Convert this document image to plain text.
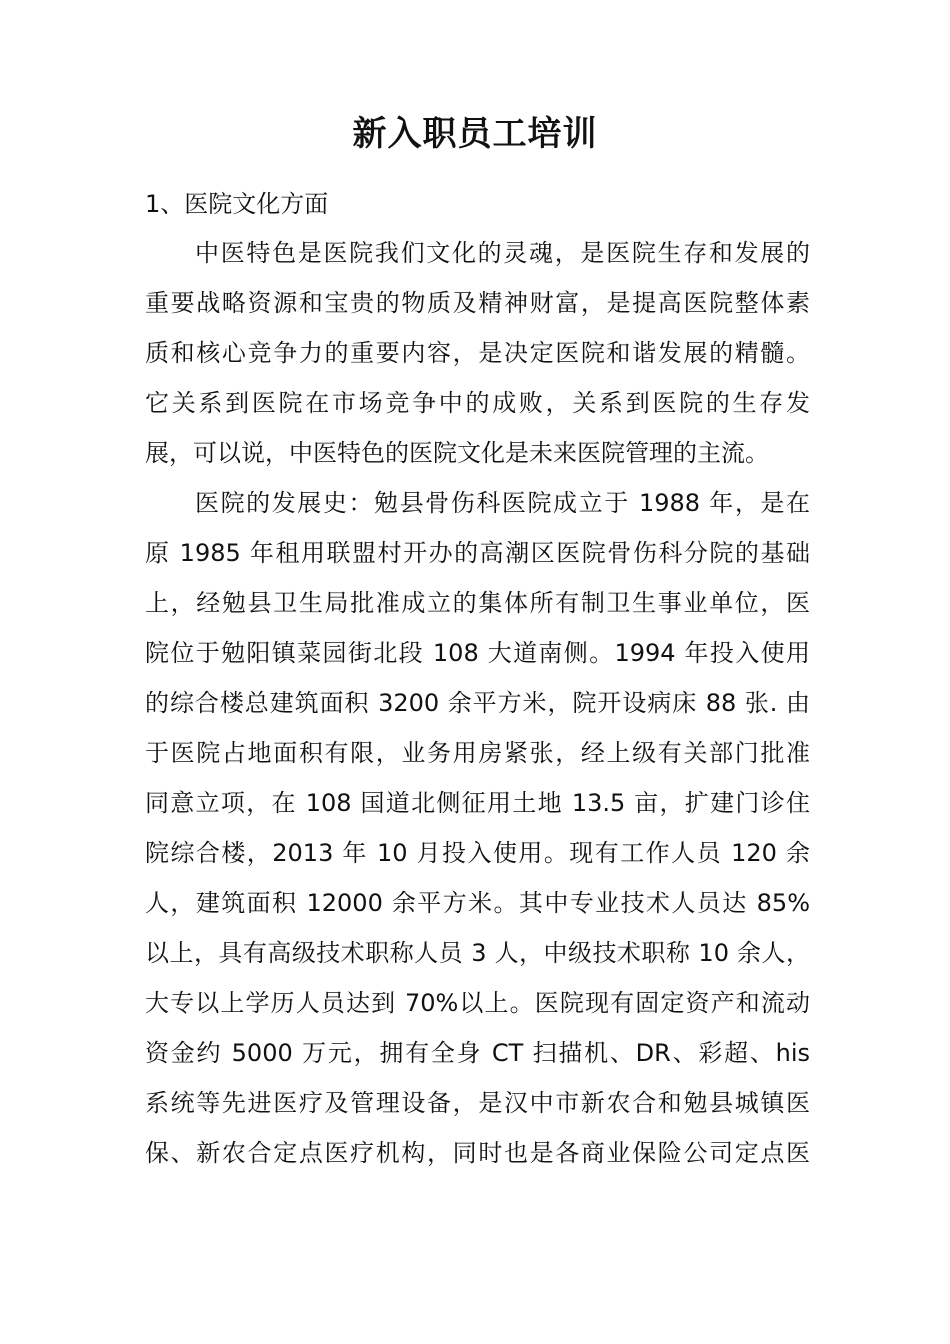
新入职员工培训
1、医院文化方面
中医特色是医院我们文化的灵魂，是医院生存和发展的
重要战略资源和宝贵的物质及精神财富，是提高医院整体素
质和核心竞争力的重要内容，是决定医院和谐发展的精髓。
它关系到医院在市场竞争中的成败，关系到医院的生存发
展，可以说，中医特色的医院文化是未来医院管理的主流。
医院的发展史：勉县骨伤科医院成立于 1988 年，是在
原 1985 年租用联盟村开办的高潮区医院骨伤科分院的基础
上，经勉县卫生局批准成立的集体所有制卫生事业单位，医
院位于勉阳镇菜园街北段 108 大道南侧。1994 年投入使用
的综合楼总建筑面积 3200 余平方米，院开设病床 88 张. 由
于医院占地面积有限，业务用房紧张，经上级有关部门批准
同意立项，在 108 国道北侧征用土地 13.5 亩，扩建门诊住
院综合楼，2013 年 10 月投入使用。现有工作人员 120 余
人，建筑面积 12000 余平方米。其中专业技术人员达 85%
以上，具有高级技术职称人员 3 人，中级技术职称 10 余人，
大专以上学历人员达到 70%以上。医院现有固定资产和流动
资金约 5000 万元，拥有全身 CT 扫描机、DR、彩超、his
系统等先进医疗及管理设备，是汉中市新农合和勉县城镇医
保、新农合定点医疗机构，同时也是各商业保险公司定点医
